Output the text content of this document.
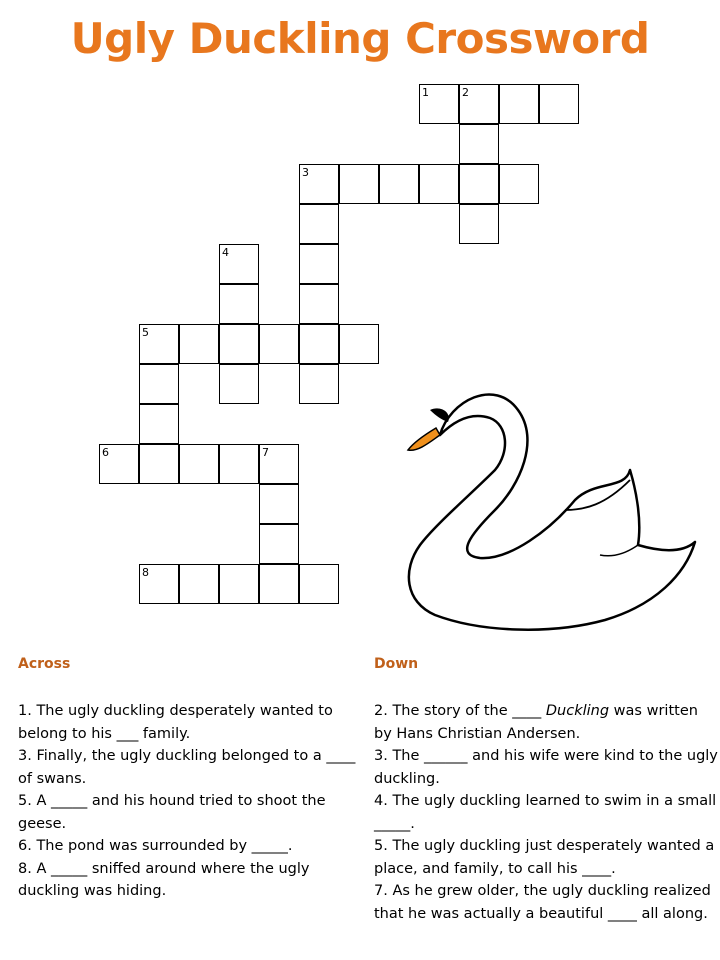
Ugly Duckling Crossword
1	2
3
4
5
6	7
8
Across	Down

1. The ugly duckling desperately wanted to belong to his ___ family.

3. Finally, the ugly duckling belonged to a ____ of swans.

5. A _____ and his hound tried to shoot the geese.

6. The pond was surrounded by _____.

8. A _____ sniffed around where the ugly duckling was hiding.

2. The story of the ____ Duckling was written by Hans Christian Andersen.

3. The ______ and his wife were kind to the ugly duckling.

4. The ugly duckling learned to swim in a small _____.

5. The ugly duckling just desperately wanted a place, and family, to call his ____.

7. As he grew older, the ugly duckling realized that he was actually a beautiful ____ all along.
